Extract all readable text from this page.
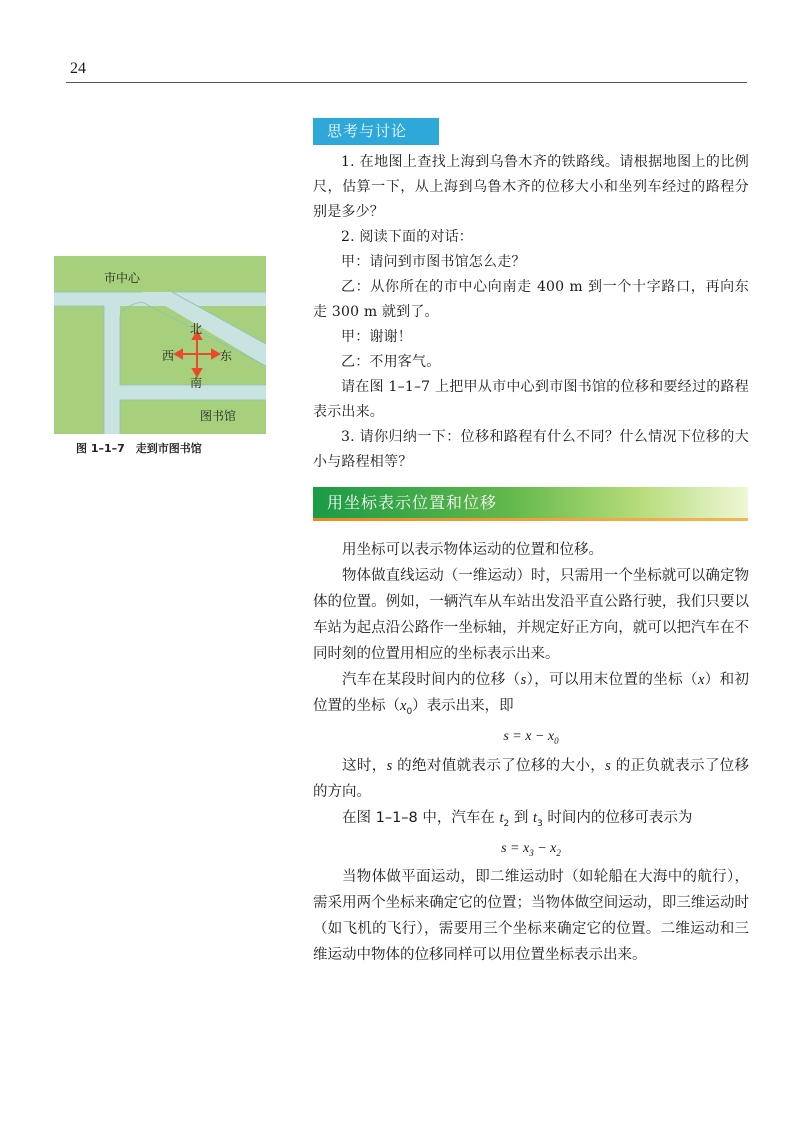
24
思考与讨论

1. 在地图上查找上海到乌鲁木齐的铁路线。请根据地图上的比例尺，估算一下，从上海到乌鲁木齐的位移大小和坐列车经过的路程分别是多少？

2. 阅读下面的对话：

甲：请问到市图书馆怎么走？

乙：从你所在的市中心向南走 400 m 到一个十字路口，再向东走 300 m 就到了。

甲：谢谢！

乙：不用客气。

请在图 1–1–7 上把甲从市中心到市图书馆的位移和要经过的路程表示出来。

3. 请你归纳一下：位移和路程有什么不同？什么情况下位移的大小与路程相等？

市中心
北
西	东
南
图书馆
图 1–1–7　走到市图书馆
用坐标表示位置和位移

用坐标可以表示物体运动的位置和位移。

物体做直线运动（一维运动）时，只需用一个坐标就可以确定物体的位置。例如，一辆汽车从车站出发沿平直公路行驶，我们只要以车站为起点沿公路作一坐标轴，并规定好正方向，就可以把汽车在不同时刻的位置用相应的坐标表示出来。

汽车在某段时间内的位移（s），可以用末位置的坐标（x）和初位置的坐标$(x_0)$表示出来，即

$s = x - x_0$

这时，s 的绝对值就表示了位移的大小，s 的正负就表示了位移的方向。

在图 1–1–8 中，汽车在 $t_2$ 到 $t_3$ 时间内的位移可表示为

$s = x_3 - x_2$

当物体做平面运动，即二维运动时（如轮船在大海中的航行），需采用两个坐标来确定它的位置；当物体做空间运动，即三维运动时（如飞机的飞行），需要用三个坐标来确定它的位置。二维运动和三维运动中物体的位移同样可以用位置坐标表示出来。
